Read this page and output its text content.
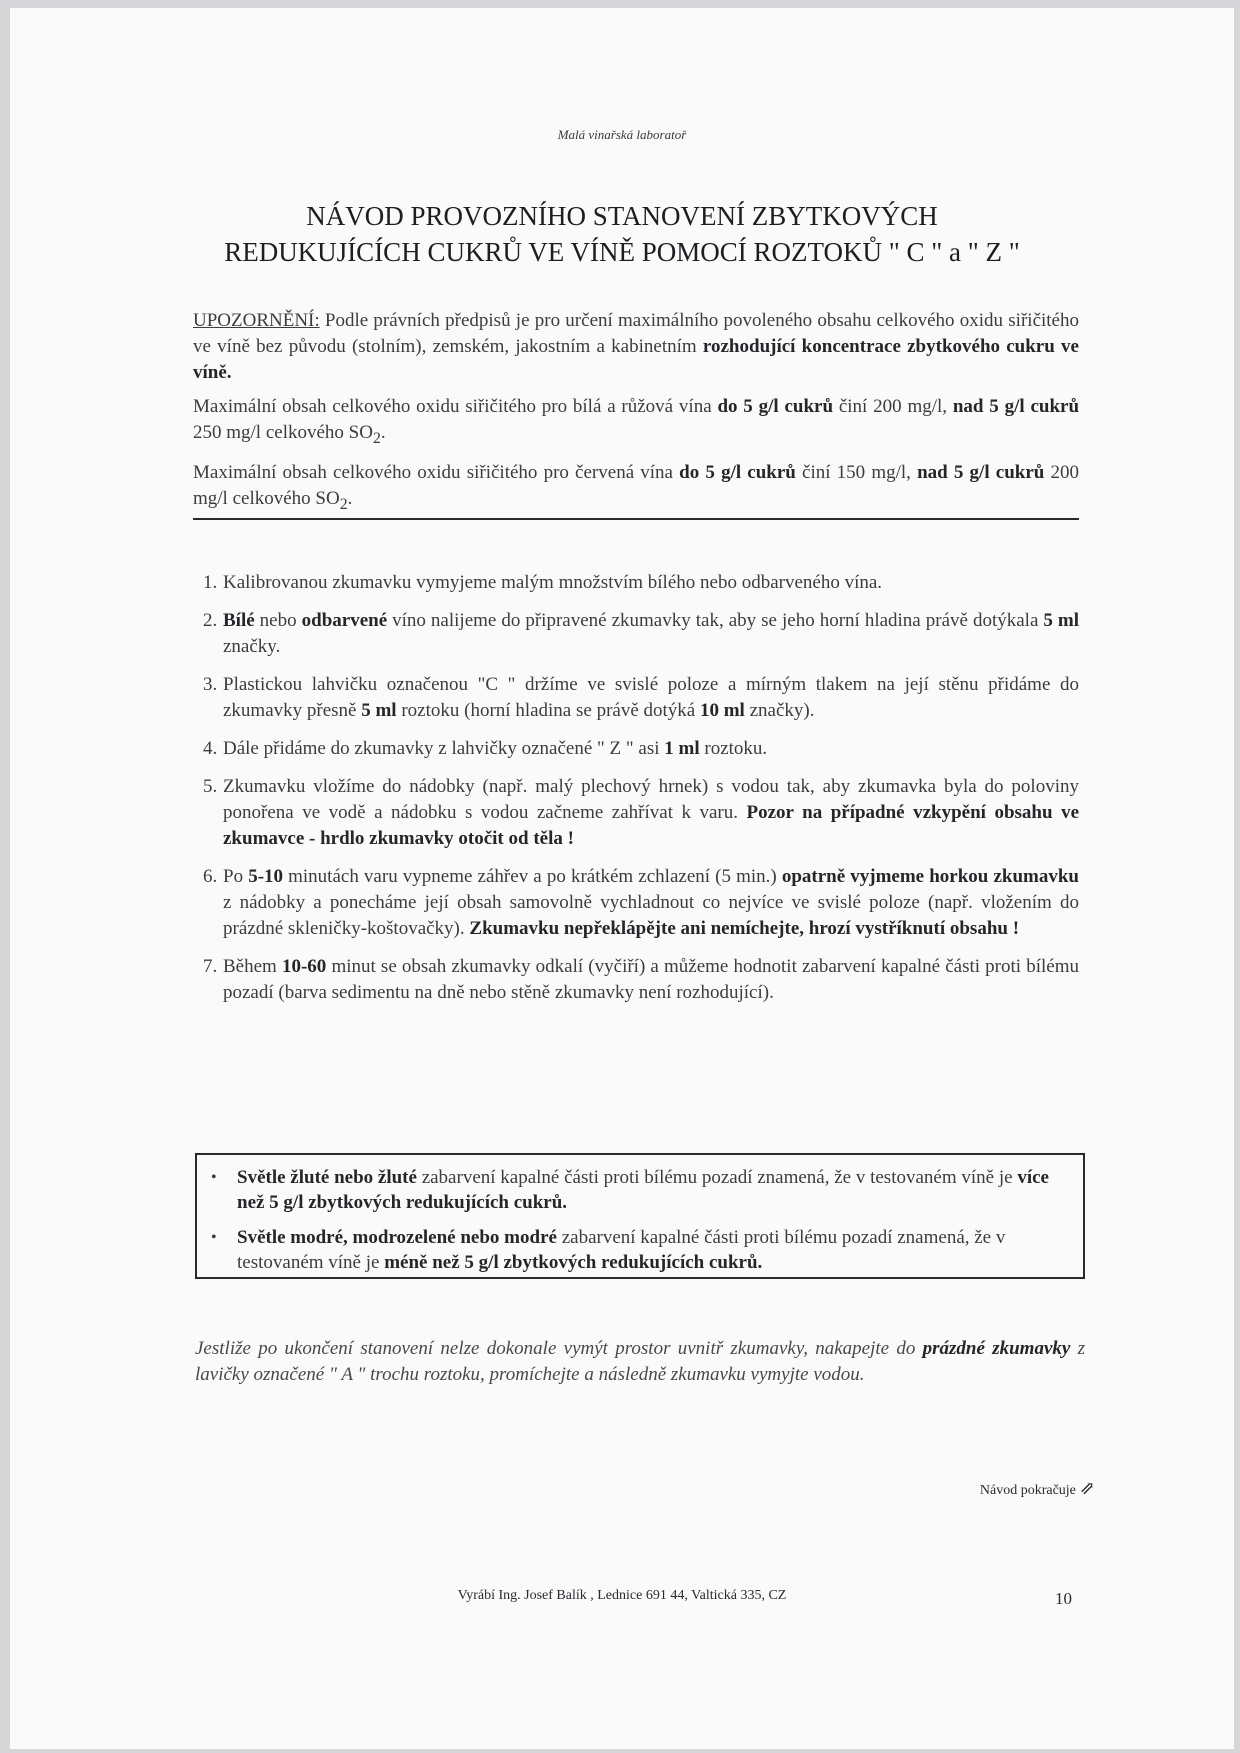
Malá vinařská laboratoř
NÁVOD PROVOZNÍHO STANOVENÍ ZBYTKOVÝCH
REDUKUJÍCÍCH CUKRŮ VE VÍNĚ POMOCÍ ROZTOKŮ " C " a " Z "

UPOZORNĚNÍ: Podle právních předpisů je pro určení maximálního povoleného obsahu celkového oxidu siřičitého ve víně bez původu (stolním), zemském, jakostním a kabinetním rozhodující koncentrace zbytkového cukru ve víně.

Maximální obsah celkového oxidu siřičitého pro bílá a růžová vína do 5 g/l cukrů činí 200 mg/l, nad 5 g/l cukrů 250 mg/l celkového $SO_2$.

Maximální obsah celkového oxidu siřičitého pro červená vína do 5 g/l cukrů činí 150 mg/l, nad 5 g/l cukrů 200 mg/l celkového $SO_2$.

1. Kalibrovanou zkumavku vymyjeme malým množstvím bílého nebo odbarveného vína.
2. Bílé nebo odbarvené víno nalijeme do připravené zkumavky tak, aby se jeho horní hladina právě dotýkala 5 ml značky.
3. Plastickou lahvičku označenou "C " držíme ve svislé poloze a mírným tlakem na její stěnu přidáme do zkumavky přesně 5 ml roztoku (horní hladina se právě dotýká 10 ml značky).
4. Dále přidáme do zkumavky z lahvičky označené " Z " asi 1 ml roztoku.
5. Zkumavku vložíme do nádobky (např. malý plechový hrnek) s vodou tak, aby zkumavka byla do poloviny ponořena ve vodě a nádobku s vodou začneme zahřívat k varu. Pozor na případné vzkypění obsahu ve zkumavce - hrdlo zkumavky otočit od těla !
6. Po 5-10 minutách varu vypneme záhřev a po krátkém zchlazení (5 min.) opatrně vyjmeme horkou zkumavku z nádobky a ponecháme její obsah samovolně vychladnout co nejvíce ve svislé poloze (např. vložením do prázdné skleničky-koštovačky). Zkumavku nepřeklápějte ani nemíchejte, hrozí vystříknutí obsahu !
7. Během 10-60 minut se obsah zkumavky odkalí (vyčiří) a můžeme hodnotit zabarvení kapalné části proti bílému pozadí (barva sedimentu na dně nebo stěně zkumavky není rozhodující).
• Světle žluté nebo žluté zabarvení kapalné části proti bílému pozadí znamená, že v testovaném víně je více než 5 g/l zbytkových redukujících cukrů.
• Světle modré, modrozelené nebo modré zabarvení kapalné části proti bílému pozadí znamená, že v testovaném víně je méně než 5 g/l zbytkových redukujících cukrů.
Jestliže po ukončení stanovení nelze dokonale vymýt prostor uvnitř zkumavky, nakapejte do prázdné zkumavky z lavičky označené " A " trochu roztoku, promíchejte a následně zkumavku vymyjte vodou.
Návod pokračuje ⇗
Vyrábí Ing. Josef Balík , Lednice 691 44, Valtická 335, CZ	10
